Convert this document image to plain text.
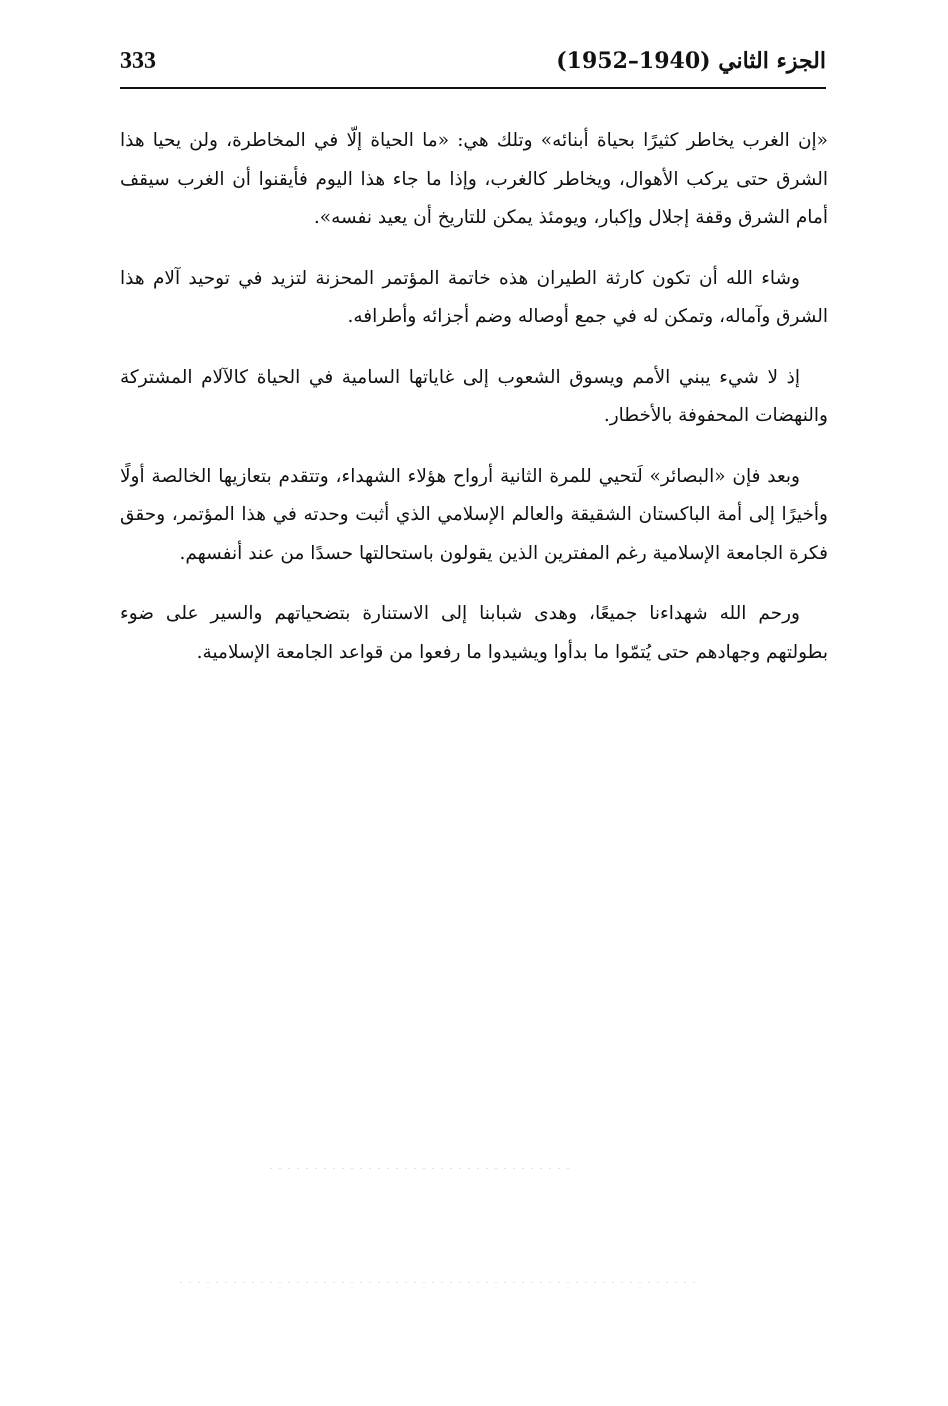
الجزء الثاني (1940–1952)
333

«إن الغرب يخاطر كثيرًا بحياة أبنائه» وتلك هي: «ما الحياة إلّا في المخاطرة، ولن يحيا هذا الشرق حتى يركب الأهوال، ويخاطر كالغرب، وإذا ما جاء هذا اليوم فأيقنوا أن الغرب سيقف أمام الشرق وقفة إجلال وإكبار، ويومئذ يمكن للتاريخ أن يعيد نفسه».

وشاء الله أن تكون كارثة الطيران هذه خاتمة المؤتمر المحزنة لتزيد في توحيد آلام هذا الشرق وآماله، وتمكن له في جمع أوصاله وضم أجزائه وأطرافه.

إذ لا شيء يبني الأمم ويسوق الشعوب إلى غاياتها السامية في الحياة كالآلام المشتركة والنهضات المحفوفة بالأخطار.

وبعد فإن «البصائر» لَتحيي للمرة الثانية أرواح هؤلاء الشهداء، وتتقدم بتعازيها الخالصة أولًا وأخيرًا إلى أمة الباكستان الشقيقة والعالم الإسلامي الذي أثبت وحدته في هذا المؤتمر، وحقق فكرة الجامعة الإسلامية رغم المفترين الذين يقولون باستحالتها حسدًا من عند أنفسهم.

ورحم الله شهداءنا جميعًا، وهدى شبابنا إلى الاستنارة بتضحياتهم والسير على ضوء بطولتهم وجهادهم حتى يُتمّوا ما بدأوا ويشيدوا ما رفعوا من قواعد الجامعة الإسلامية.
